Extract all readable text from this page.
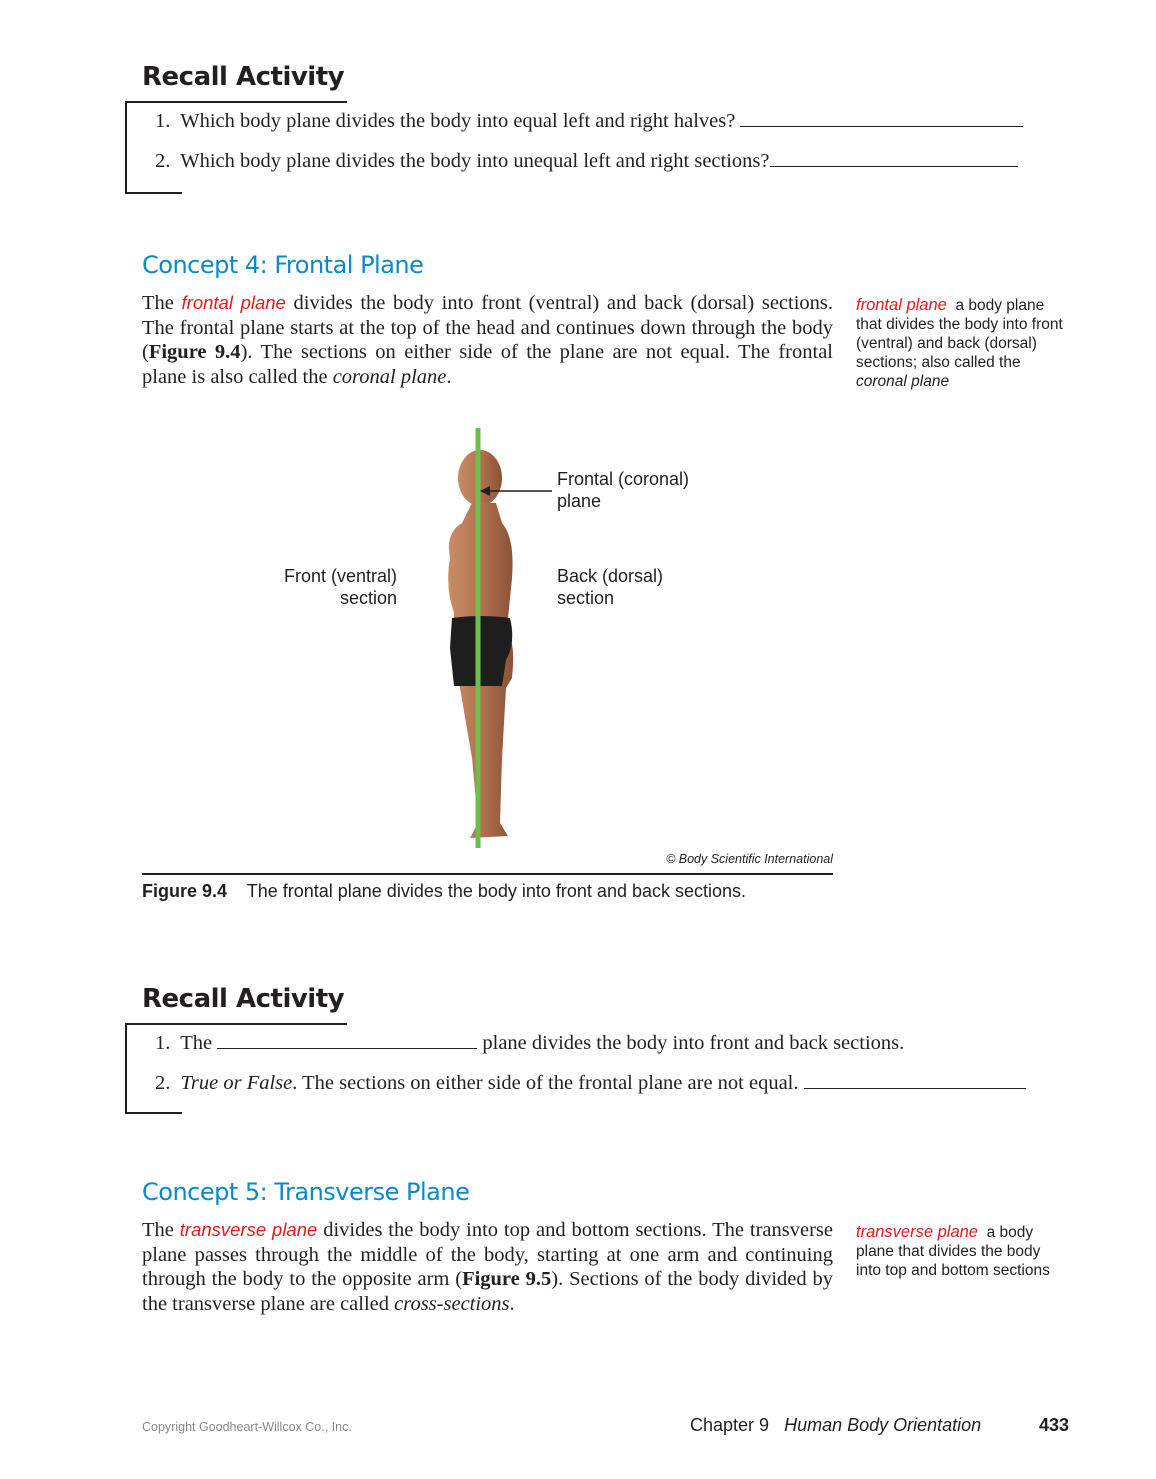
Recall Activity
1. Which body plane divides the body into equal left and right halves?
2. Which body plane divides the body into unequal left and right sections?
Concept 4: Frontal Plane
The frontal plane divides the body into front (ventral) and back (dorsal) sections. The frontal plane starts at the top of the head and continues down through the body (Figure 9.4). The sections on either side of the plane are not equal. The frontal plane is also called the coronal plane.
frontal plane a body plane that divides the body into front (ventral) and back (dorsal) sections; also called the coronal plane
Frontal (coronal)
plane
Front (ventral)
section
Back (dorsal)
section
© Body Scientific International
Figure 9.4 The frontal plane divides the body into front and back sections.
Recall Activity
1. The	plane divides the body into front and back sections.
2. True or False. The sections on either side of the frontal plane are not equal.
Concept 5: Transverse Plane
The transverse plane divides the body into top and bottom sections. The transverse plane passes through the middle of the body, starting at one arm and continuing through the body to the opposite arm (Figure 9.5). Sections of the body divided by the transverse plane are called cross-sections.
transverse plane a body plane that divides the body into top and bottom sections
Copyright Goodheart-Willcox Co., Inc.	Chapter 9 Human Body Orientation	433
